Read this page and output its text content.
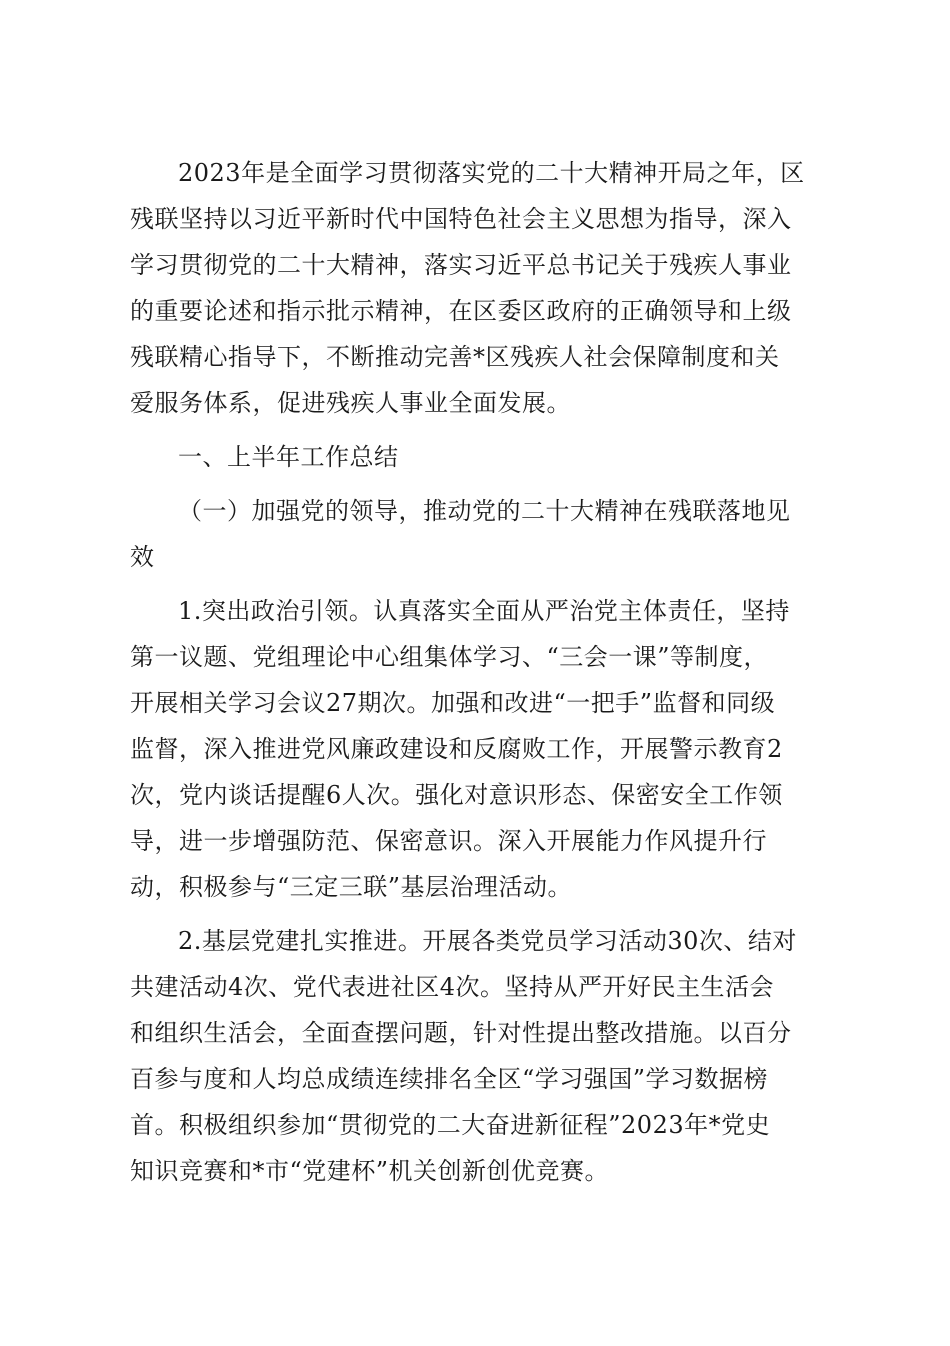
2023年是全面学习贯彻落实党的二十大精神开局之年，区
残联坚持以习近平新时代中国特色社会主义思想为指导，深入
学习贯彻党的二十大精神，落实习近平总书记关于残疾人事业
的重要论述和指示批示精神，在区委区政府的正确领导和上级
残联精心指导下，不断推动完善*区残疾人社会保障制度和关
爱服务体系，促进残疾人事业全面发展。
一、上半年工作总结
（一）加强党的领导，推动党的二十大精神在残联落地见
效
1.突出政治引领。认真落实全面从严治党主体责任，坚持
第一议题、党组理论中心组集体学习、“三会一课”等制度，
开展相关学习会议27期次。加强和改进“一把手”监督和同级
监督，深入推进党风廉政建设和反腐败工作，开展警示教育2
次，党内谈话提醒6人次。强化对意识形态、保密安全工作领
导，进一步增强防范、保密意识。深入开展能力作风提升行
动，积极参与“三定三联”基层治理活动。
2.基层党建扎实推进。开展各类党员学习活动30次、结对
共建活动4次、党代表进社区4次。坚持从严开好民主生活会
和组织生活会，全面查摆问题，针对性提出整改措施。以百分
百参与度和人均总成绩连续排名全区“学习强国”学习数据榜
首。积极组织参加“贯彻党的二大奋进新征程”2023年*党史
知识竞赛和*市“党建杯”机关创新创优竞赛。
